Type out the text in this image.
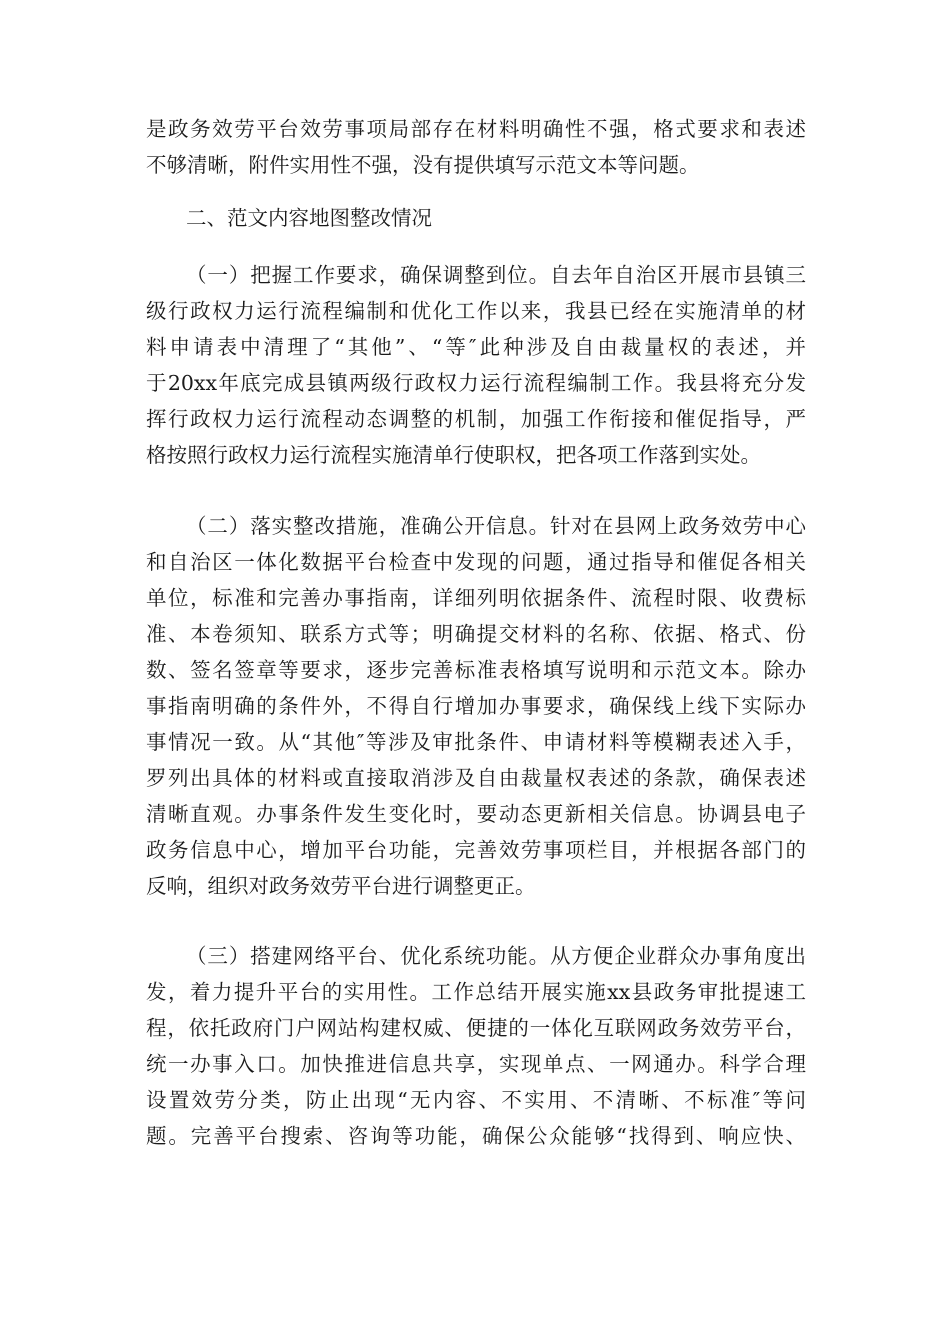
是政务效劳平台效劳事项局部存在材料明确性不强，格式要求和表述
不够清晰，附件实用性不强，没有提供填写示范文本等问题。
二、范文内容地图整改情况
（一）把握工作要求，确保调整到位。自去年自治区开展市县镇三
级行政权力运行流程编制和优化工作以来，我县已经在实施清单的材
料申请表中清理了“其他”、“等″此种涉及自由裁量权的表述，并
于20xx年底完成县镇两级行政权力运行流程编制工作。我县将充分发
挥行政权力运行流程动态调整的机制，加强工作衔接和催促指导，严
格按照行政权力运行流程实施清单行使职权，把各项工作落到实处。
（二）落实整改措施，准确公开信息。针对在县网上政务效劳中心
和自治区一体化数据平台检查中发现的问题，通过指导和催促各相关
单位，标准和完善办事指南，详细列明依据条件、流程时限、收费标
准、本卷须知、联系方式等；明确提交材料的名称、依据、格式、份
数、签名签章等要求，逐步完善标准表格填写说明和示范文本。除办
事指南明确的条件外，不得自行增加办事要求，确保线上线下实际办
事情况一致。从“其他″等涉及审批条件、申请材料等模糊表述入手，
罗列出具体的材料或直接取消涉及自由裁量权表述的条款，确保表述
清晰直观。办事条件发生变化时，要动态更新相关信息。协调县电子
政务信息中心，增加平台功能，完善效劳事项栏目，并根据各部门的
反响，组织对政务效劳平台进行调整更正。
（三）搭建网络平台、优化系统功能。从方便企业群众办事角度出
发，着力提升平台的实用性。工作总结开展实施xx县政务审批提速工
程，依托政府门户网站构建权威、便捷的一体化互联网政务效劳平台，
统一办事入口。加快推进信息共享，实现单点、一网通办。科学合理
设置效劳分类，防止出现“无内容、不实用、不清晰、不标准″等问
题。完善平台搜索、咨询等功能，确保公众能够“找得到、响应快、
